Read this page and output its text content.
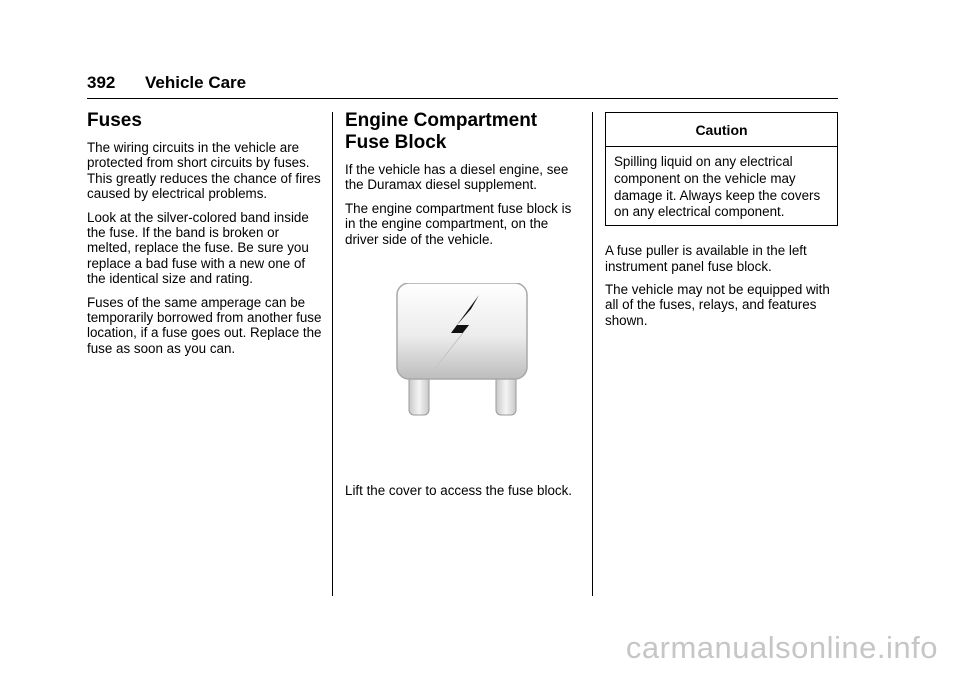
392 Vehicle Care
Fuses

The wiring circuits in the vehicle are protected from short circuits by fuses. This greatly reduces the chance of fires caused by electrical problems.

Look at the silver-colored band inside the fuse. If the band is broken or melted, replace the fuse. Be sure you replace a bad fuse with a new one of the identical size and rating.

Fuses of the same amperage can be temporarily borrowed from another fuse location, if a fuse goes out. Replace the fuse as soon as you can.

Engine Compartment Fuse Block

If the vehicle has a diesel engine, see the Duramax diesel supplement.

The engine compartment fuse block is in the engine compartment, on the driver side of the vehicle.

Lift the cover to access the fuse block.

Caution
Spilling liquid on any electrical component on the vehicle may damage it. Always keep the covers on any electrical component.

A fuse puller is available in the left instrument panel fuse block.

The vehicle may not be equipped with all of the fuses, relays, and features shown.

carmanualsonline.info
